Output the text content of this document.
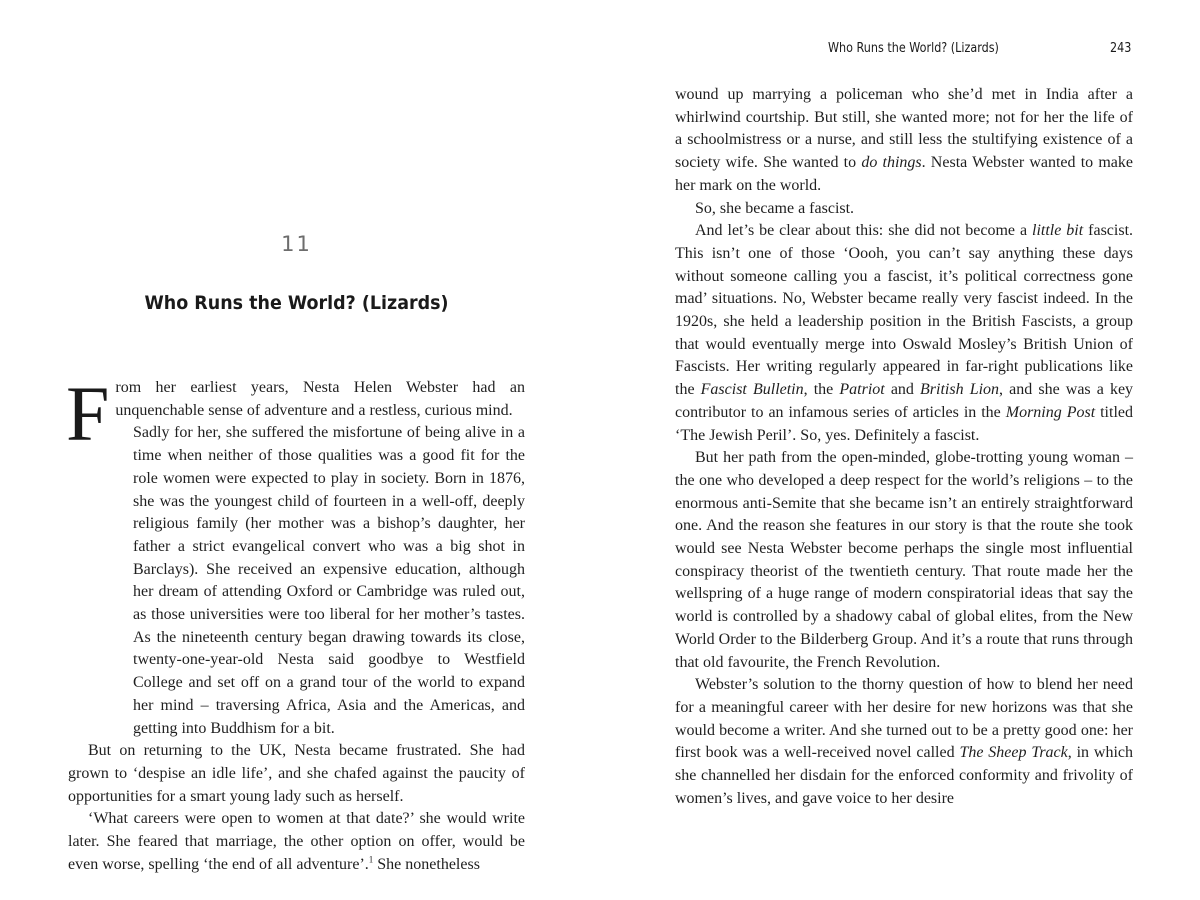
11
Who Runs the World? (Lizards)

From her earliest years, Nesta Helen Webster had an unquenchable sense of adventure and a restless, curious mind.

Sadly for her, she suffered the misfortune of being alive in a time when neither of those qualities was a good fit for the role women were expected to play in society. Born in 1876, she was the youngest child of fourteen in a well-off, deeply religious family (her mother was a bishop’s daughter, her father a strict evangelical convert who was a big shot in Barclays). She received an expensive education, although her dream of attending Oxford or Cambridge was ruled out, as those universities were too liberal for her mother’s tastes. As the nineteenth century began drawing towards its close, twenty-one-year-old Nesta said goodbye to Westfield College and set off on a grand tour of the world to expand her mind – traversing Africa, Asia and the Americas, and getting into Buddhism for a bit.

But on returning to the UK, Nesta became frustrated. She had grown to ‘despise an idle life’, and she chafed against the paucity of opportunities for a smart young lady such as herself.

‘What careers were open to women at that date?’ she would write later. She feared that marriage, the other option on offer, would be even worse, spelling ‘the end of all adventure’.$^1$ She nonetheless

Who Runs the World? (Lizards)	243

wound up marrying a policeman who she’d met in India after a whirlwind courtship. But still, she wanted more; not for her the life of a schoolmistress or a nurse, and still less the stultifying existence of a society wife. She wanted to do things. Nesta Webster wanted to make her mark on the world.

So, she became a fascist.

And let’s be clear about this: she did not become a little bit fascist. This isn’t one of those ‘Oooh, you can’t say anything these days without someone calling you a fascist, it’s political correctness gone mad’ situations. No, Webster became really very fascist indeed. In the 1920s, she held a leadership position in the British Fascists, a group that would eventually merge into Oswald Mosley’s British Union of Fascists. Her writing regularly appeared in far-right publications like the Fascist Bulletin, the Patriot and British Lion, and she was a key contributor to an infamous series of articles in the Morning Post titled ‘The Jewish Peril’. So, yes. Definitely a fascist.

But her path from the open-minded, globe-trotting young woman – the one who developed a deep respect for the world’s religions – to the enormous anti-Semite that she became isn’t an entirely straightforward one. And the reason she features in our story is that the route she took would see Nesta Webster become perhaps the single most influential conspiracy theorist of the twentieth century. That route made her the wellspring of a huge range of modern conspiratorial ideas that say the world is controlled by a shadowy cabal of global elites, from the New World Order to the Bilderberg Group. And it’s a route that runs through that old favourite, the French Revolution.

Webster’s solution to the thorny question of how to blend her need for a meaningful career with her desire for new horizons was that she would become a writer. And she turned out to be a pretty good one: her first book was a well-received novel called The Sheep Track, in which she channelled her disdain for the enforced conformity and frivolity of women’s lives, and gave voice to her desire
